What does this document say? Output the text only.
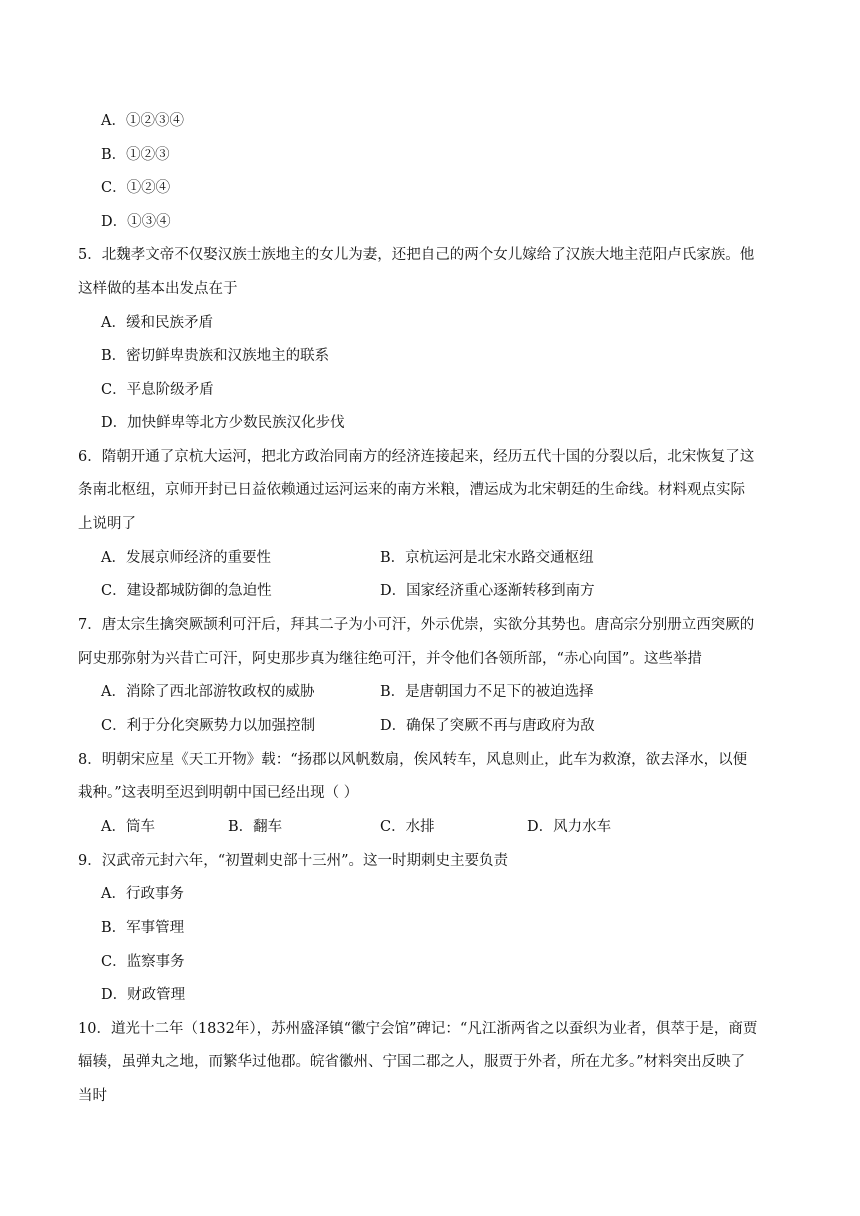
A．①②③④
B．①②③
C．①②④
D．①③④
5．北魏孝文帝不仅娶汉族士族地主的女儿为妻，还把自己的两个女儿嫁给了汉族大地主范阳卢氏家族。他
这样做的基本出发点在于
A．缓和民族矛盾
B．密切鲜卑贵族和汉族地主的联系
C．平息阶级矛盾
D．加快鲜卑等北方少数民族汉化步伐
6．隋朝开通了京杭大运河，把北方政治同南方的经济连接起来，经历五代十国的分裂以后，北宋恢复了这
条南北枢纽，京师开封已日益依赖通过运河运来的南方米粮，漕运成为北宋朝廷的生命线。材料观点实际
上说明了
A．发展京师经济的重要性	B．京杭运河是北宋水路交通枢纽
C．建设都城防御的急迫性	D．国家经济重心逐渐转移到南方
7．唐太宗生擒突厥颉利可汗后，拜其二子为小可汗，外示优崇，实欲分其势也。唐高宗分别册立西突厥的
阿史那弥射为兴昔亡可汗，阿史那步真为继往绝可汗，并令他们各领所部，“赤心向国”。这些举措
A．消除了西北部游牧政权的威胁	B．是唐朝国力不足下的被迫选择
C．利于分化突厥势力以加强控制	D．确保了突厥不再与唐政府为敌
8．明朝宋应星《天工开物》载：“扬郡以风帆数扇，俟风转车，风息则止，此车为救潦，欲去泽水，以便
栽种。”这表明至迟到明朝中国已经出现（ ）
A．筒车	B．翻车	C．水排	D．风力水车
9．汉武帝元封六年，“初置刺史部十三州”。这一时期刺史主要负责
A．行政事务
B．军事管理
C．监察事务
D．财政管理
10．道光十二年（1832年），苏州盛泽镇“徽宁会馆”碑记：“凡江浙两省之以蚕织为业者，俱萃于是，商贾
辐辏，虽弹丸之地，而繁华过他郡。皖省徽州、宁国二郡之人，服贾于外者，所在尤多。”材料突出反映了
当时
